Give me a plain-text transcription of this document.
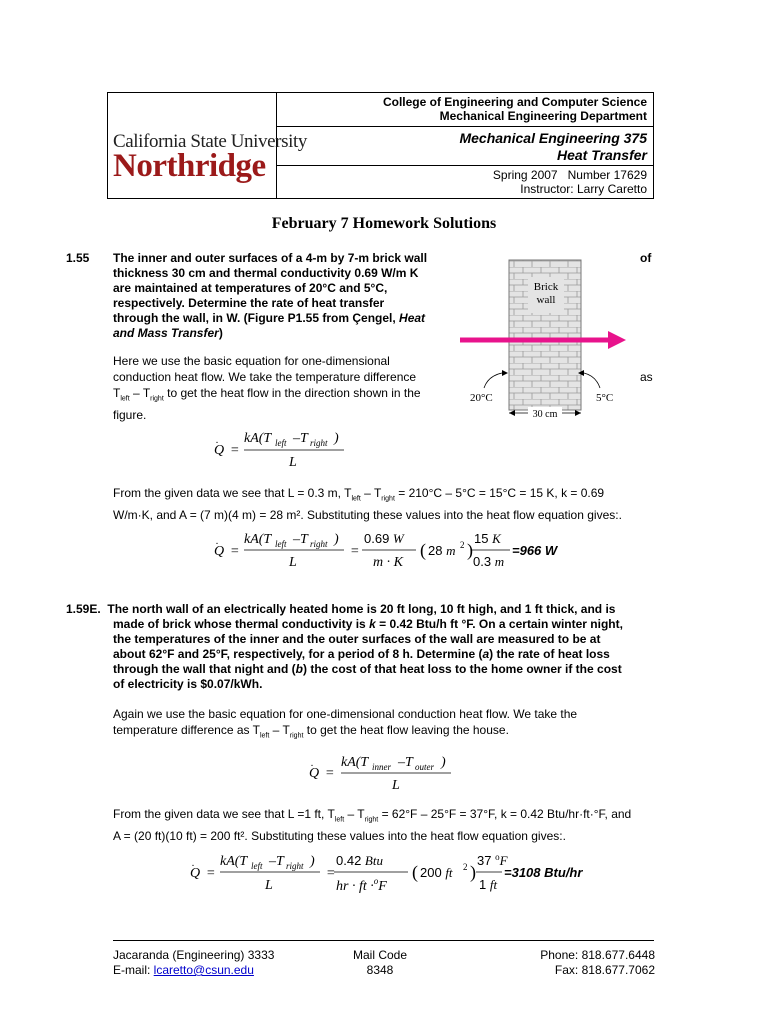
California State University
Northridge
College of Engineering and Computer Science
Mechanical Engineering Department
Mechanical Engineering 375
Heat Transfer
Spring 2007   Number 17629
Instructor: Larry Caretto
February 7 Homework Solutions
1.55 The inner and outer surfaces of a 4-m by 7-m brick wall
thickness 30 cm and thermal conductivity 0.69 W/m K
are maintained at temperatures of 20°C and 5°C,
respectively. Determine the rate of heat transfer
through the wall, in W. (Figure P1.55 from Çengel, Heat
and Mass Transfer)
of
Here we use the basic equation for one-dimensional
conduction heat flow. We take the temperature difference
$T_{left} - T_{right}$ to get the heat flow in the direction shown in the
figure.
as
Brick
wall
20°C	5°C
30 cm
Q
.
=
kA(T left –T right )
L
From the given data we see that L = 0.3 m, $T_{left} - T_{right} = 210^\circ C - 5^\circ C = 15^\circ C = 15$ K, k = 0.69
W/m·K, and A = (7 m)(4 m) = 28 m². Substituting these values into the heat flow equation gives:.
Q
.
=
kA(T left –T right )
L
=
0.69 W
m · K
( 28 m 2 )
15 K
0.3 m
=966 W
1.59E. The north wall of an electrically heated home is 20 ft long, 10 ft high, and 1 ft thick, and is
made of brick whose thermal conductivity is k = 0.42 Btu/h ft °F. On a certain winter night,
the temperatures of the inner and the outer surfaces of the wall are measured to be at
about 62°F and 25°F, respectively, for a period of 8 h. Determine (a) the rate of heat loss
through the wall that night and (b) the cost of that heat loss to the home owner if the cost
of electricity is $0.07/kWh.
Again we use the basic equation for one-dimensional conduction heat flow. We take the
temperature difference as $T_{left} - T_{right}$ to get the heat flow leaving the house.
Q
.
=
kA(T inner –T outer )
L
From the given data we see that L =1 ft, $T_{left} - T_{right} = 62^\circ F - 25^\circ F = 37^\circ F$, k = 0.42 Btu/hr·ft·°F, and
A = (20 ft)(10 ft) = 200 ft². Substituting these values into the heat flow equation gives:.
Q
.
=
kA(T left –T right )
L
=
0.42 Btu
hr · ft ·$^o$F
( 200 ft 2 )
37 $^o$F
1 ft
=3108 Btu/hr
Jacaranda (Engineering) 3333
E-mail: lcaretto@csun.edu
Mail Code
8348
Phone: 818.677.6448
Fax: 818.677.7062
